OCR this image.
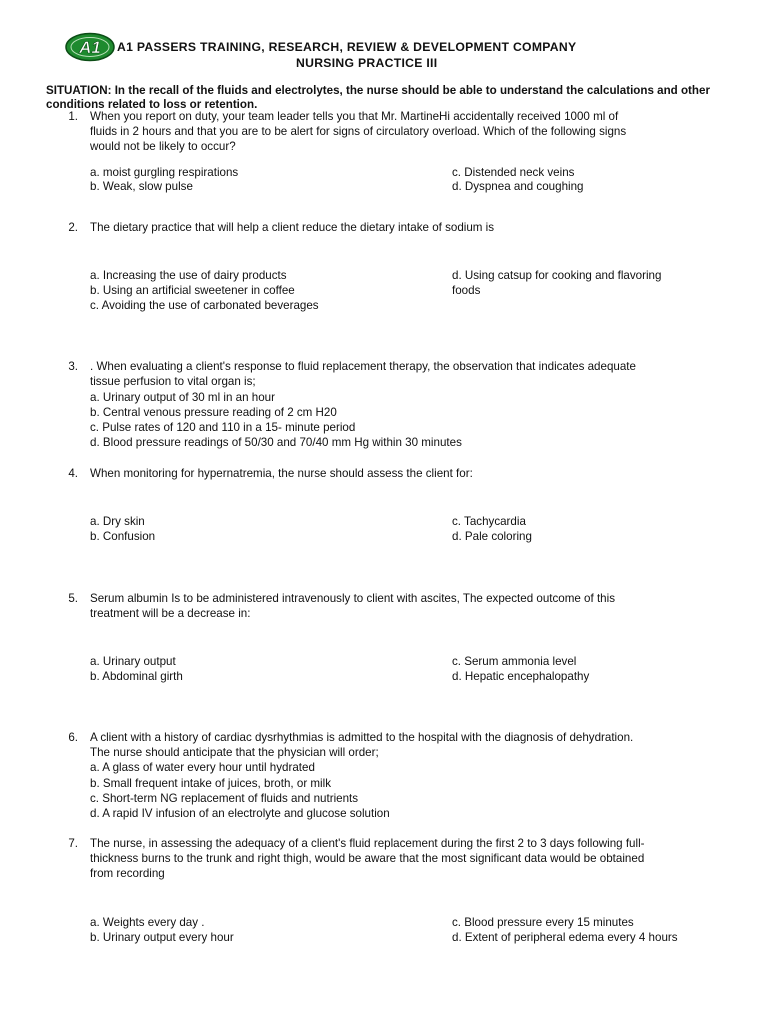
A1 A1 PASSERS TRAINING, RESEARCH, REVIEW & DEVELOPMENT COMPANY
NURSING PRACTICE III
SITUATION: In the recall of the fluids and electrolytes, the nurse should be able to understand the calculations and other conditions related to loss or retention.
1. When you report on duty, your team leader tells you that Mr. MartineHi accidentally received 1000 ml of
fluids in 2 hours and that you are to be alert for signs of circulatory overload. Which of the following signs
would not be likely to occur?
a. moist gurgling respirations
b. Weak, slow pulse
c. Distended neck veins
d. Dyspnea and coughing
2. The dietary practice that will help a client reduce the dietary intake of sodium is
a. Increasing the use of dairy products
b. Using an artificial sweetener in coffee
c. Avoiding the use of carbonated beverages
d. Using catsup for cooking and flavoring
foods
3. . When evaluating a client's response to fluid replacement therapy, the observation that indicates adequate
tissue perfusion to vital organ is;
a. Urinary output of 30 ml in an hour
b. Central venous pressure reading of 2 cm H20
c. Pulse rates of 120 and 110 in a 15- minute period
d. Blood pressure readings of 50/30 and 70/40 mm Hg within 30 minutes
4. When monitoring for hypernatremia, the nurse should assess the client for:
a. Dry skin
b. Confusion
c. Tachycardia
d. Pale coloring
5. Serum albumin Is to be administered intravenously to client with ascites, The expected outcome of this
treatment will be a decrease in:
a. Urinary output
b. Abdominal girth
c. Serum ammonia level
d. Hepatic encephalopathy
6. A client with a history of cardiac dysrhythmias is admitted to the hospital with the diagnosis of dehydration.
The nurse should anticipate that the physician will order;
a. A glass of water every hour until hydrated
b. Small frequent intake of juices, broth, or milk
c. Short-term NG replacement of fluids and nutrients
d. A rapid IV infusion of an electrolyte and glucose solution
7. The nurse, in assessing the adequacy of a client's fluid replacement during the first 2 to 3 days following full-
thickness burns to the trunk and right thigh, would be aware that the most significant data would be obtained
from recording
a. Weights every day .
b. Urinary output every hour
c. Blood pressure every 15 minutes
d. Extent of peripheral edema every 4 hours
